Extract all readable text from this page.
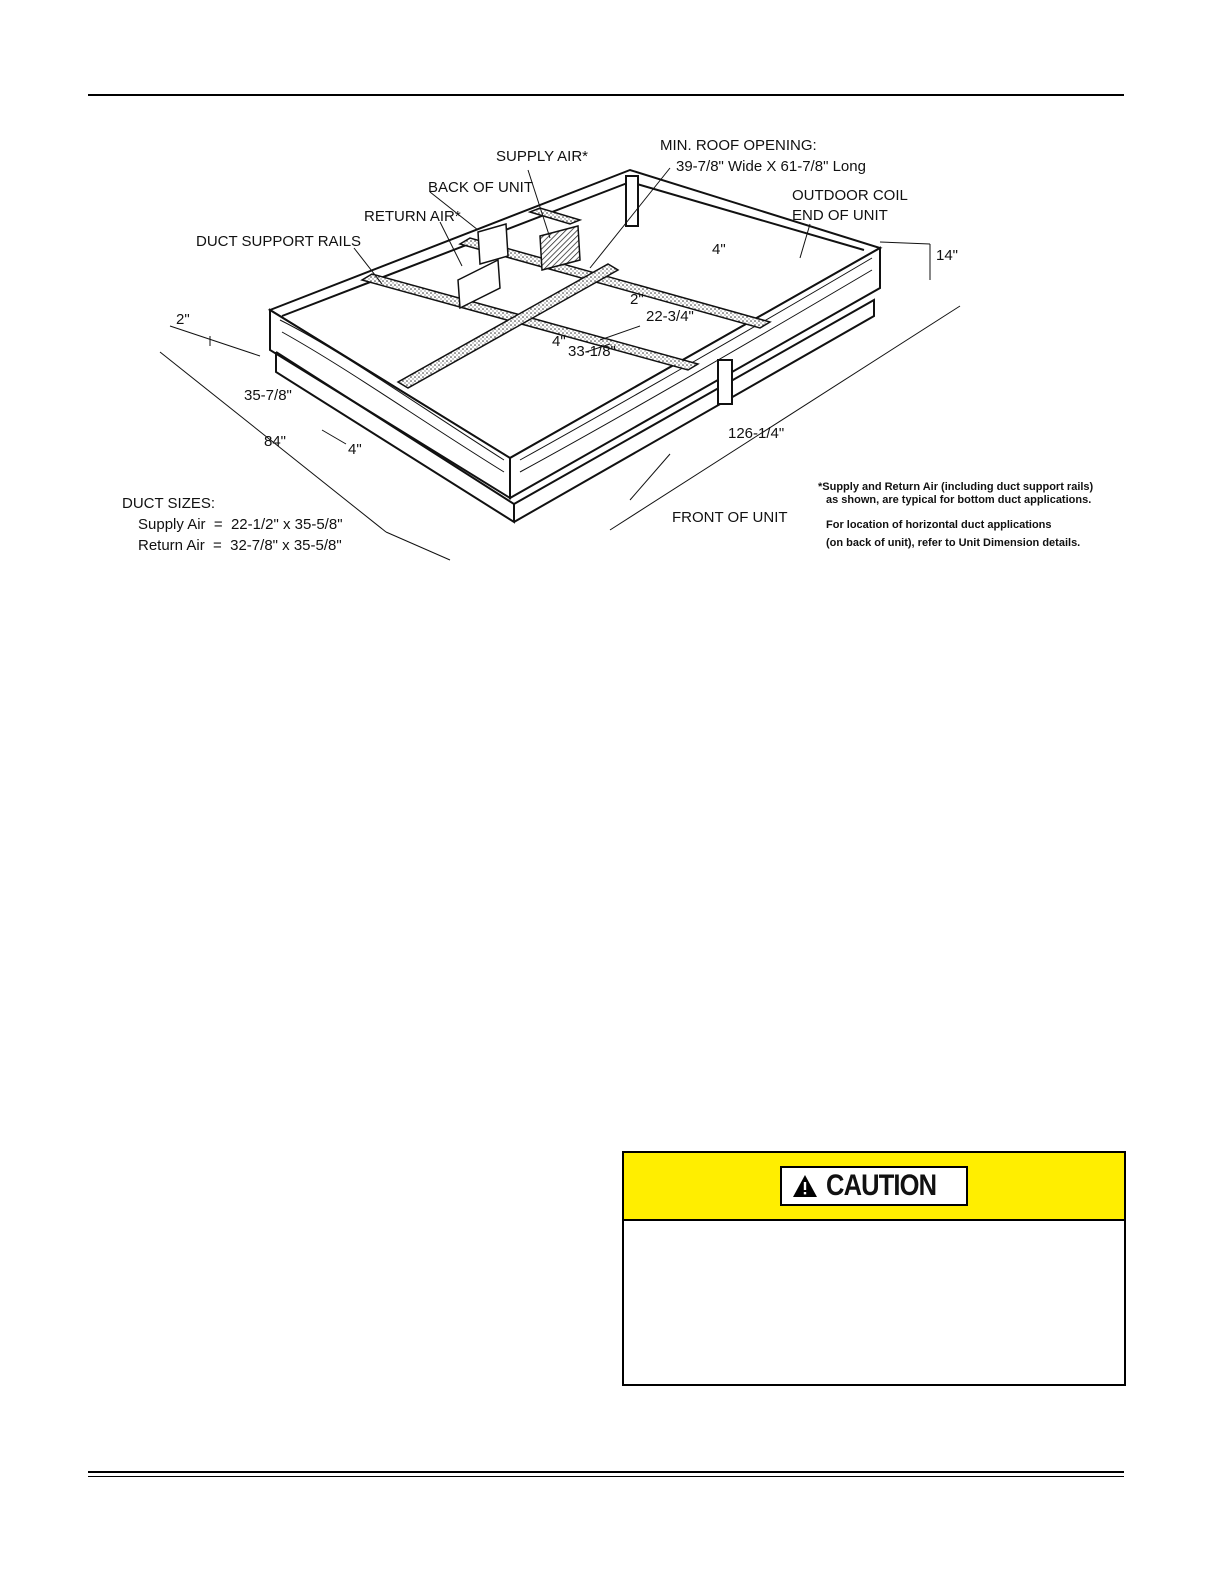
SUPPLY AIR*
MIN. ROOF OPENING:
39-7/8" Wide X 61-7/8" Long
BACK OF UNIT	OUTDOOR COIL
END OF UNIT
RETURN AIR*
DUCT SUPPORT RAILS
FRONT OF UNIT
14"
4"
2"
22-3/4"
4"
33-1/8"
2"
35-7/8"
84"	4"
126-1/4"
DUCT SIZES:
Supply Air  =  22-1/2" x 35-5/8"
Return Air  =  32-7/8" x 35-5/8"
*Supply and Return Air (including duct support rails)
as shown, are typical for bottom duct applications.
For location of horizontal duct applications
(on back of unit), refer to Unit Dimension details.
CAUTION
